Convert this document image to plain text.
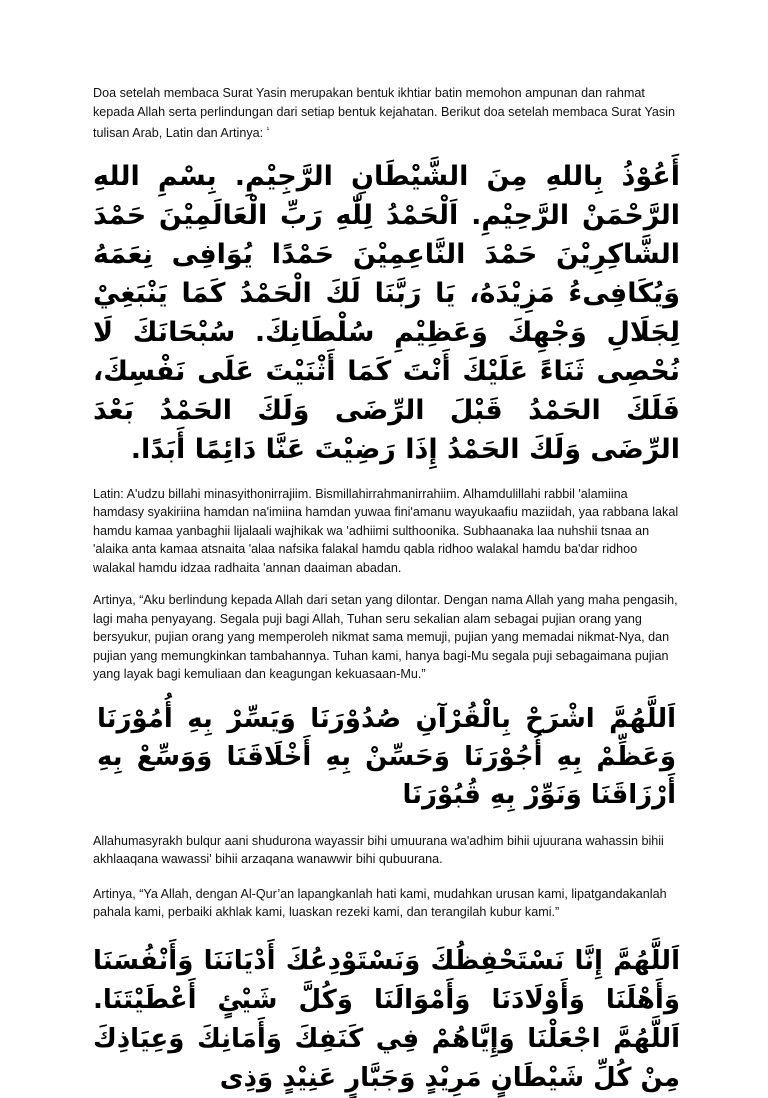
Doa setelah membaca Surat Yasin merupakan bentuk ikhtiar batin memohon ampunan dan rahmat kepada Allah serta perlindungan dari setiap bentuk kejahatan. Berikut doa setelah membaca Surat Yasin tulisan Arab, Latin dan Artinya: $^{^1}$

أَعُوْذُ بِاللهِ مِنَ الشَّيْطَانِ الرَّجِيْمِ. بِسْمِ اللهِ الرَّحْمَنْ الرَّحِيْمِ. اَلْحَمْدُ لِلّٰهِ رَبِّ الْعَالَمِيْنَ حَمْدَ الشَّاكِرِيْنَ حَمْدَ النَّاعِمِيْنَ حَمْدًا يُوَافِى نِعَمَهُ وَيُكَافِىءُ مَزِيْدَهُ، يَا رَبَّنَا لَكَ الْحَمْدُ كَمَا يَنْبَغِيْ لِجَلَالِ وَجْهِكَ وَعَظِيْمِ سُلْطَانِكَ. سُبْحَانَكَ لَا نُحْصِى ثَنَاءً عَلَيْكَ أَنْتَ كَمَا أَثْنَيْتَ عَلَى نَفْسِكَ، فَلَكَ الحَمْدُ قَبْلَ الرِّضَى وَلَكَ الحَمْدُ بَعْدَ الرِّضَى وَلَكَ الحَمْدُ إِذَا رَضِيْتَ عَنَّا دَائِمًا أَبَدًا.

Latin: A'udzu billahi minasyithonirrajiim. Bismillahirrahmanirrahiim. Alhamdulillahi rabbil 'alamiina hamdasy syakiriina hamdan na'imiina hamdan yuwaa fini'amanu wayukaafiu maziidah, yaa rabbana lakal hamdu kamaa yanbaghii lijalaali wajhikak wa 'adhiimi sulthoonika. Subhaanaka laa nuhshii tsnaa an 'alaika anta kamaa atsnaita 'alaa nafsika falakal hamdu qabla ridhoo walakal hamdu ba'dar ridhoo walakal hamdu idzaa radhaita 'annan daaiman abadan.

Artinya, “Aku berlindung kepada Allah dari setan yang dilontar. Dengan nama Allah yang maha pengasih, lagi maha penyayang. Segala puji bagi Allah, Tuhan seru sekalian alam sebagai pujian orang yang bersyukur, pujian orang yang memperoleh nikmat sama memuji, pujian yang memadai nikmat-Nya, dan pujian yang memungkinkan tambahannya. Tuhan kami, hanya bagi-Mu segala puji sebagaimana pujian yang layak bagi kemuliaan dan keagungan kekuasaan-Mu.”

اَللَّهُمَّ اشْرَحْ بِالْقُرْآنِ صُدُوْرَنَا وَيَسِّرْ بِهِ أُمُوْرَنَا وَعَظِّمْ بِهِ أُجُوْرَنَا وَحَسِّنْ بِهِ أَخْلَاقَنَا وَوَسِّعْ بِهِ أَرْزَاقَنَا وَنَوِّرْ بِهِ قُبُوْرَنَا

Allahumasyrakh bulqur aani shudurona wayassir bihi umuurana wa'adhim bihii ujuurana wahassin bihii akhlaaqana wawassi' bihii arzaqana wanawwir bihi qubuurana.

Artinya, “Ya Allah, dengan Al-Qur’an lapangkanlah hati kami, mudahkan urusan kami, lipatgandakanlah pahala kami, perbaiki akhlak kami, luaskan rezeki kami, dan terangilah kubur kami.”

اَللَّهُمَّ إِنَّا نَسْتَحْفِظُكَ وَنَسْتَوْدِعُكَ أَدْيَانَنَا وَأَنْفُسَنَا وَأَهْلَنَا وَأَوْلَادَنَا وَأَمْوَالَنَا وَكُلَّ شَيْئٍ أَعْطَيْتَنَا. اَللَّهُمَّ اجْعَلْنَا وَإِيَّاهُمْ فِي كَنَفِكَ وَأَمَانِكَ وَعِيَاذِكَ مِنْ كُلِّ شَيْطَانٍ مَرِيْدٍ وَجَبَّارٍ عَنِيْدٍ وَذِى
